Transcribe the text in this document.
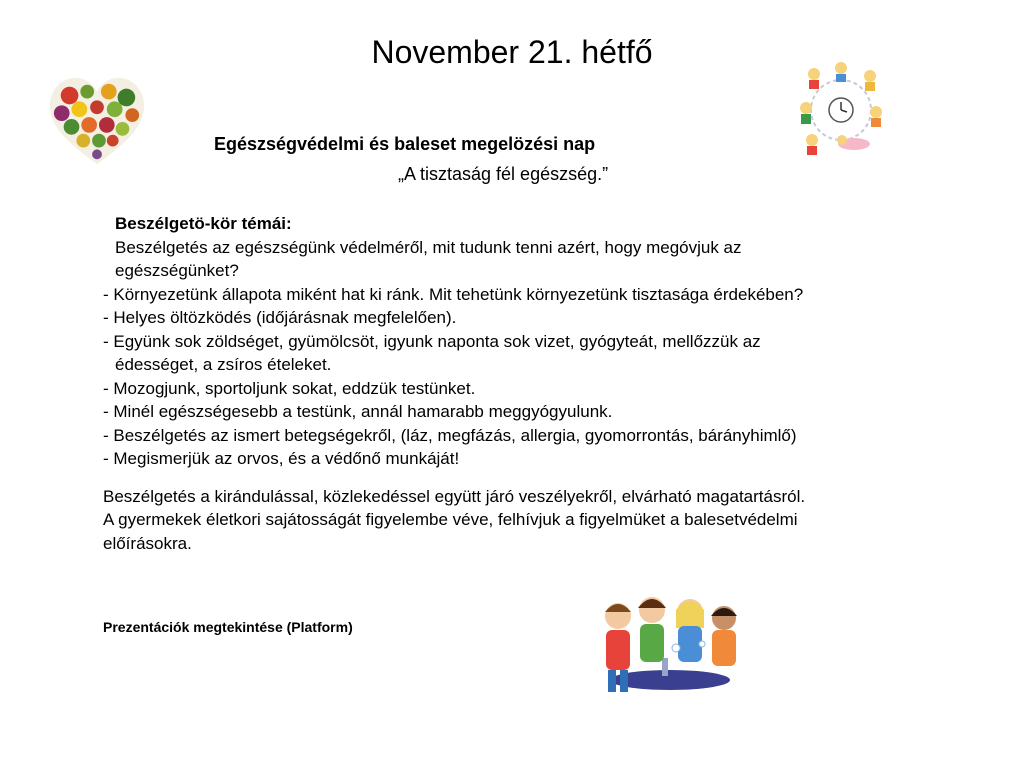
November 21. hétfő
Egészségvédelmi és baleset megelözési nap
„A tisztaság fél egészség.”
Beszélgetö-kör témái:
Beszélgetés az egészségünk védelméről, mit tudunk tenni azért, hogy megóvjuk az
egészségünket?
- Környezetünk állapota miként hat ki ránk. Mit tehetünk környezetünk tisztasága érdekében?
- Helyes öltözködés (időjárásnak megfelelően).
- Együnk sok zöldséget, gyümölcsöt, igyunk naponta sok vizet, gyógyteát, mellőzzük az
édességet, a zsíros ételeket.
- Mozogjunk, sportoljunk sokat, eddzük testünket.
- Minél egészségesebb a testünk, annál hamarabb meggyógyulunk.
- Beszélgetés az ismert betegségekről, (láz, megfázás, allergia, gyomorrontás, bárányhimlő)
- Megismerjük az orvos, és a védőnő munkáját!
Beszélgetés a kirándulással, közlekedéssel együtt járó veszélyekről, elvárható magatartásról.
A gyermekek életkori sajátosságát figyelembe véve, felhívjuk a figyelmüket a balesetvédelmi
előírásokra.
Prezentációk megtekintése (Platform)
